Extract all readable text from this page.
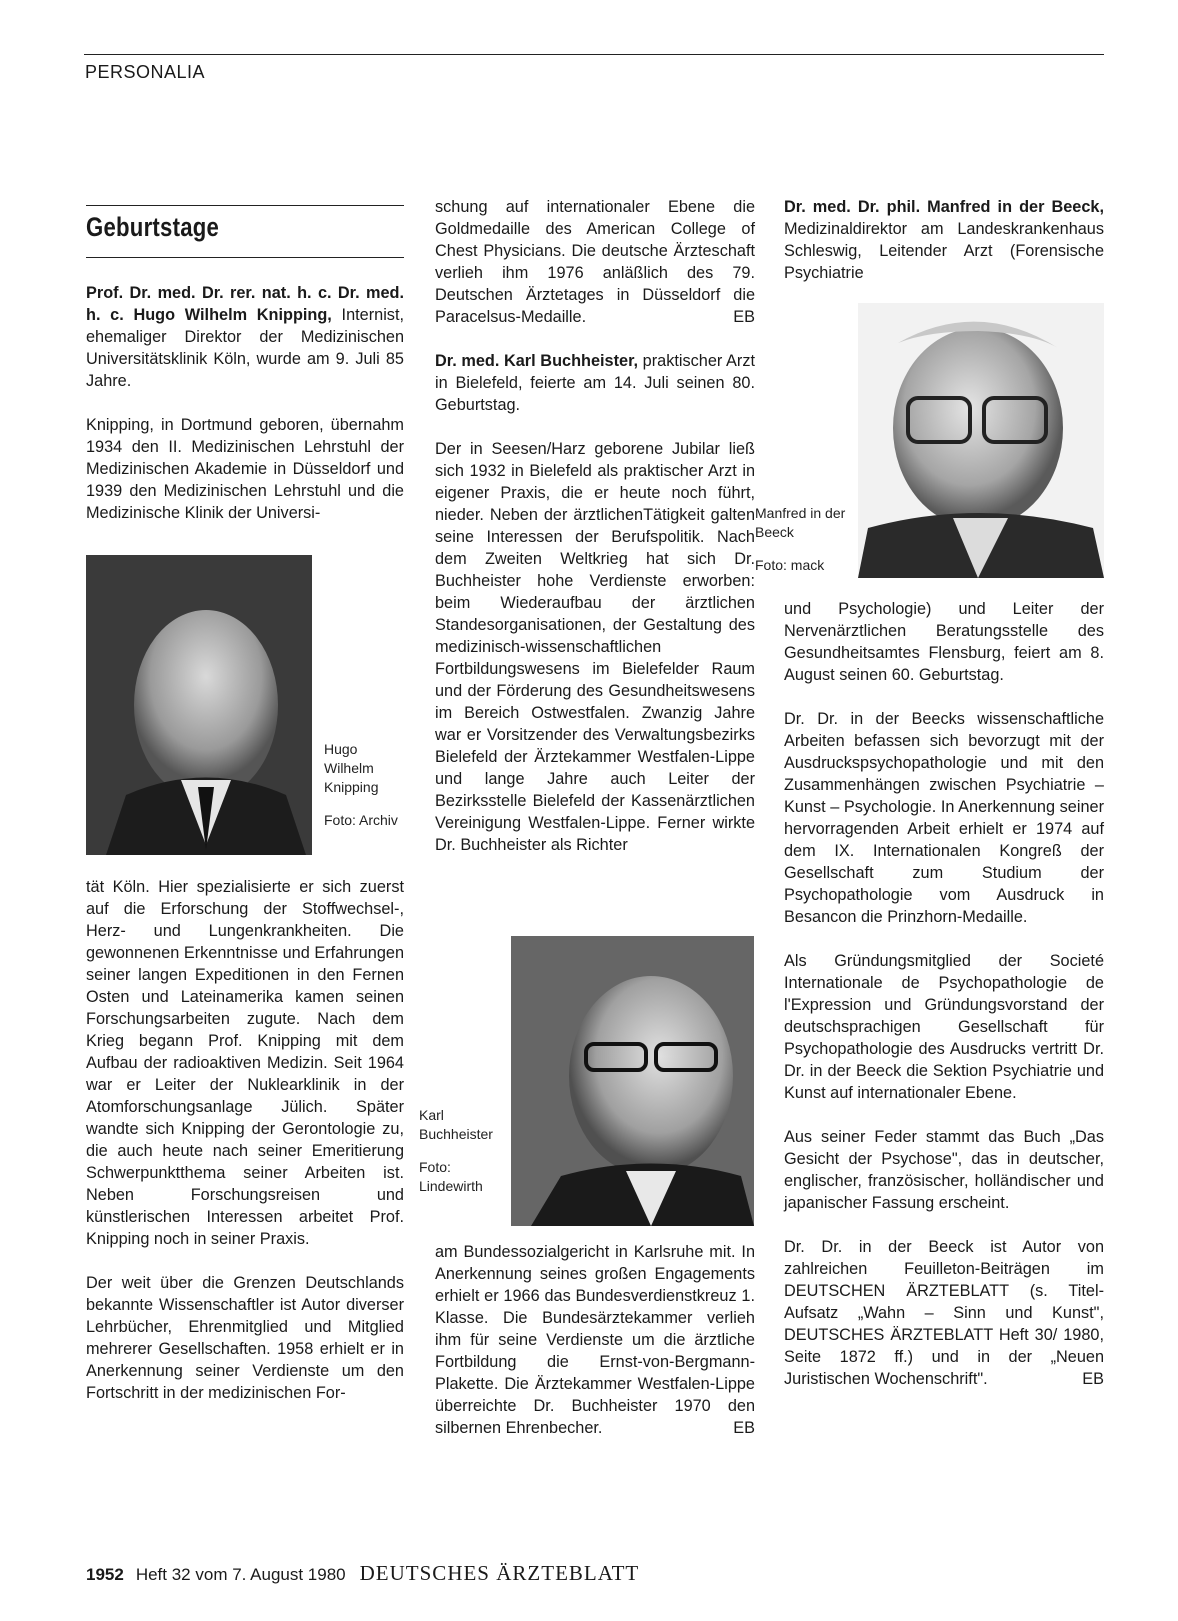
PERSONALIA
Geburtstage

Prof. Dr. med. Dr. rer. nat. h. c. Dr. med. h. c. Hugo Wilhelm Knipping, Internist, ehemaliger Direktor der Medizinischen Universitätsklinik Köln, wurde am 9. Juli 85 Jahre.

Knipping, in Dortmund geboren, übernahm 1934 den II. Medizinischen Lehrstuhl der Medizinischen Akademie in Düsseldorf und 1939 den Medizinischen Lehrstuhl und die Medizinische Klinik der Universi-

Hugo Wilhelm Knipping
Foto: Archiv

tät Köln. Hier spezialisierte er sich zuerst auf die Erforschung der Stoffwechsel-, Herz- und Lungenkrankheiten. Die gewonnenen Erkenntnisse und Erfahrungen seiner langen Expeditionen in den Fernen Osten und Lateinamerika kamen seinen Forschungsarbeiten zugute. Nach dem Krieg begann Prof. Knipping mit dem Aufbau der radioaktiven Medizin. Seit 1964 war er Leiter der Nuklearklinik in der Atomforschungsanlage Jülich. Später wandte sich Knipping der Gerontologie zu, die auch heute nach seiner Emeritierung Schwerpunktthema seiner Arbeiten ist. Neben Forschungsreisen und künstlerischen Interessen arbeitet Prof. Knipping noch in seiner Praxis.

Der weit über die Grenzen Deutschlands bekannte Wissenschaftler ist Autor diverser Lehrbücher, Ehrenmitglied und Mitglied mehrerer Gesellschaften. 1958 erhielt er in Anerkennung seiner Verdienste um den Fortschritt in der medizinischen For-

schung auf internationaler Ebene die Goldmedaille des American College of Chest Physicians. Die deutsche Ärzteschaft verlieh ihm 1976 anläßlich des 79. Deutschen Ärztetages in Düsseldorf die Paracelsus-Medaille.	EB

Dr. med. Karl Buchheister, praktischer Arzt in Bielefeld, feierte am 14. Juli seinen 80. Geburtstag.

Der in Seesen/Harz geborene Jubilar ließ sich 1932 in Bielefeld als praktischer Arzt in eigener Praxis, die er heute noch führt, nieder. Neben der ärztlichenTätigkeit galten seine Interessen der Berufspolitik. Nach dem Zweiten Weltkrieg hat sich Dr. Buchheister hohe Verdienste erworben: beim Wiederaufbau der ärztlichen Standesorganisationen, der Gestaltung des medizinisch-wissenschaftlichen Fortbildungswesens im Bielefelder Raum und der Förderung des Gesundheitswesens im Bereich Ostwestfalen. Zwanzig Jahre war er Vorsitzender des Verwaltungsbezirks Bielefeld der Ärztekammer Westfalen-Lippe und lange Jahre auch Leiter der Bezirksstelle Bielefeld der Kassenärztlichen Vereinigung Westfalen-Lippe. Ferner wirkte Dr. Buchheister als Richter

Karl Buchheister
Foto: Lindewirth

am Bundessozialgericht in Karlsruhe mit. In Anerkennung seines großen Engagements erhielt er 1966 das Bundesverdienstkreuz 1. Klasse. Die Bundesärztekammer verlieh ihm für seine Verdienste um die ärztliche Fortbildung die Ernst-von-Bergmann-Plakette. Die Ärztekammer Westfalen-Lippe überreichte Dr. Buchheister 1970 den silbernen Ehrenbecher.	EB

Dr. med. Dr. phil. Manfred in der Beeck, Medizinaldirektor am Landeskrankenhaus Schleswig, Leitender Arzt (Forensische Psychiatrie

Manfred in der Beeck
Foto: mack

und Psychologie) und Leiter der Nervenärztlichen Beratungsstelle des Gesundheitsamtes Flensburg, feiert am 8. August seinen 60. Geburtstag.

Dr. Dr. in der Beecks wissenschaftliche Arbeiten befassen sich bevorzugt mit der Ausdruckspsychopathologie und mit den Zusammenhängen zwischen Psychiatrie – Kunst – Psychologie. In Anerkennung seiner hervorragenden Arbeit erhielt er 1974 auf dem IX. Internationalen Kongreß der Gesellschaft zum Studium der Psychopathologie vom Ausdruck in Besancon die Prinzhorn-Medaille.

Als Gründungsmitglied der Societé Internationale de Psychopathologie de l'Expression und Gründungsvorstand der deutschsprachigen Gesellschaft für Psychopathologie des Ausdrucks vertritt Dr. Dr. in der Beeck die Sektion Psychiatrie und Kunst auf internationaler Ebene.

Aus seiner Feder stammt das Buch „Das Gesicht der Psychose", das in deutscher, englischer, französischer, holländischer und japanischer Fassung erscheint.

Dr. Dr. in der Beeck ist Autor von zahlreichen Feuilleton-Beiträgen im DEUTSCHEN ÄRZTEBLATT (s. Titel-Aufsatz „Wahn – Sinn und Kunst", DEUTSCHES ÄRZTEBLATT Heft 30/ 1980, Seite 1872 ff.) und in der „Neuen Juristischen Wochenschrift".	EB

1952 Heft 32 vom 7. August 1980 DEUTSCHES ÄRZTEBLATT
